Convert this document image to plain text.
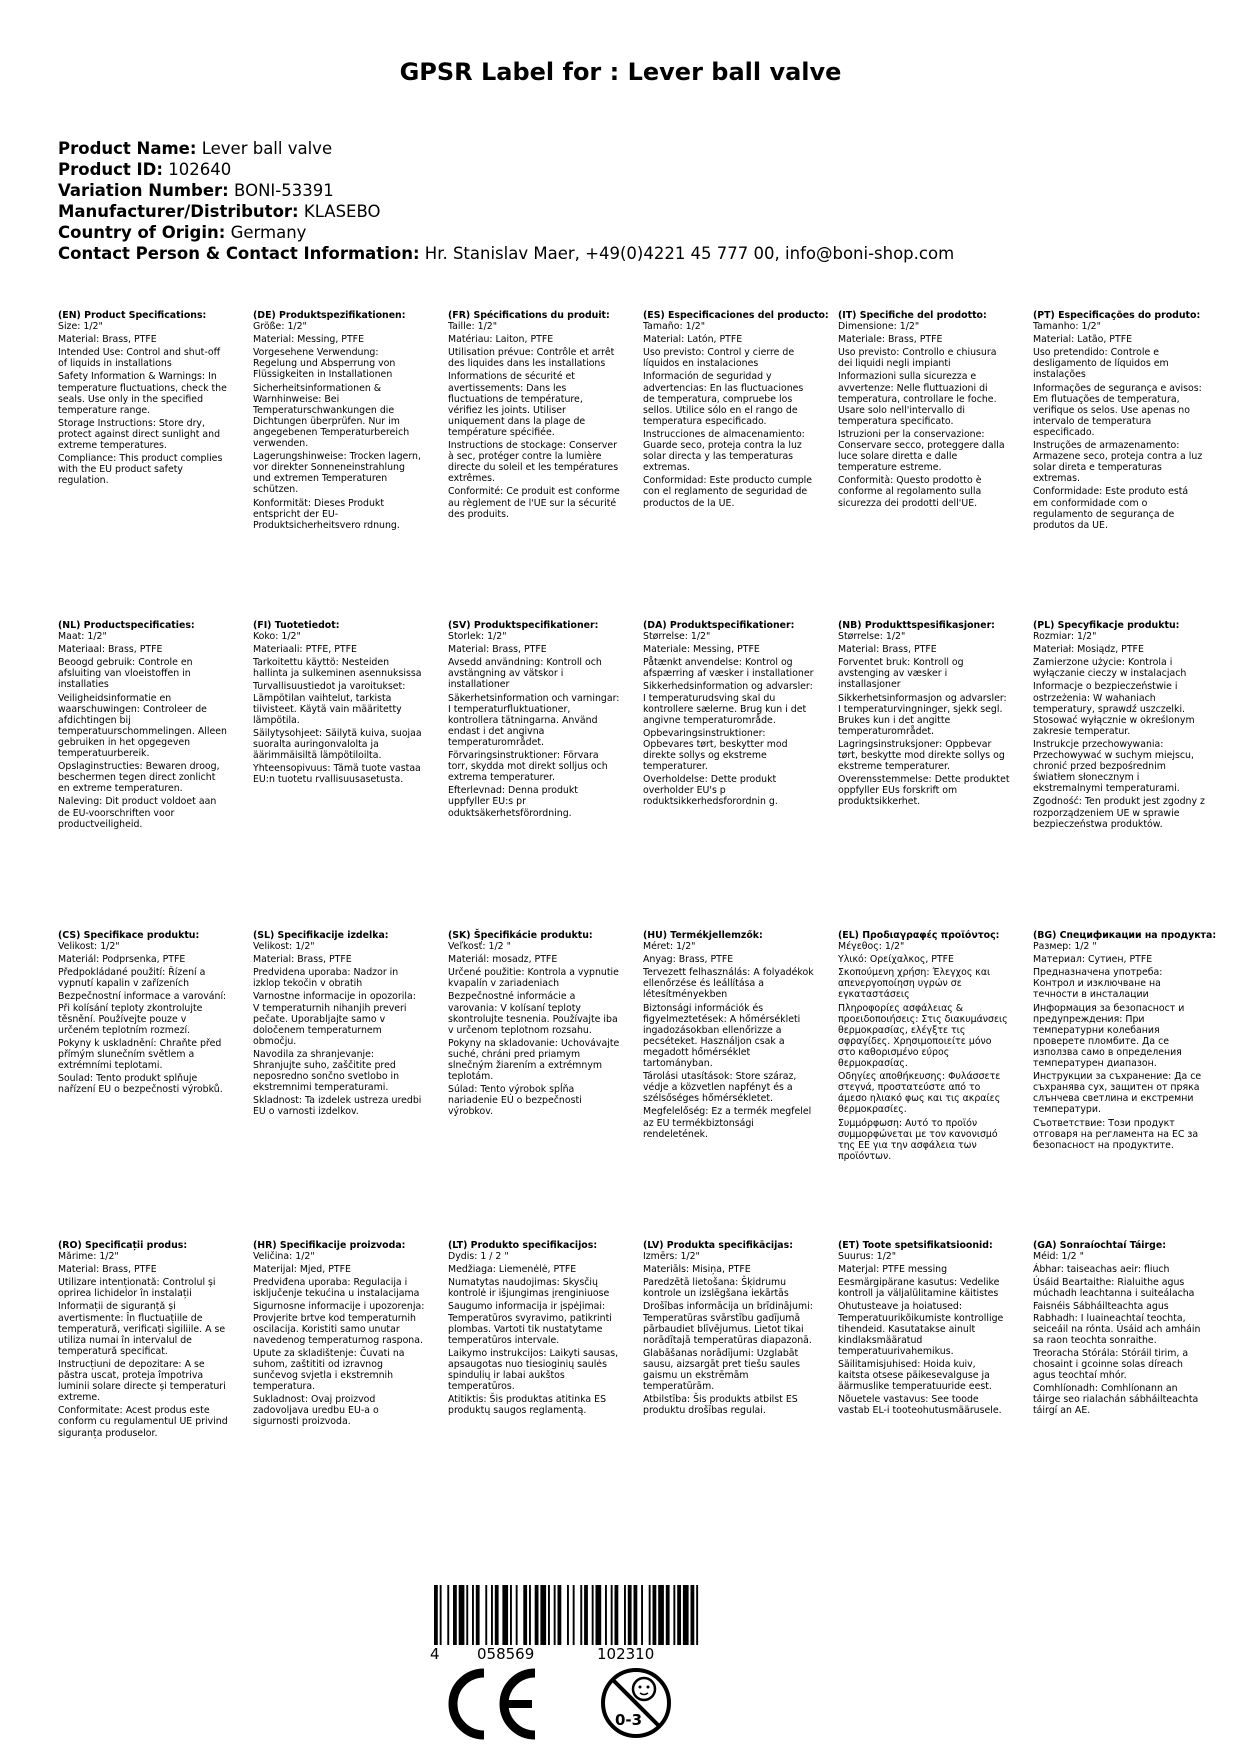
GPSR Label for : Lever ball valve
Product Name: Lever ball valve
Product ID: 102640
Variation Number: BONI-53391
Manufacturer/Distributor: KLASEBO
Country of Origin: Germany
Contact Person & Contact Information: Hr. Stanislav Maer, +49(0)4221 45 777 00, info@boni-shop.com
(EN) Product Specifications:
Size: 1/2"
Material: Brass, PTFE
Intended Use: Control and shut-off of liquids in installations
Safety Information & Warnings: In temperature fluctuations, check the seals. Use only in the specified temperature range.
Storage Instructions: Store dry, protect against direct sunlight and extreme temperatures.
Compliance: This product complies with the EU product safety regulation.
(DE) Produktspezifikationen:
Größe: 1/2"
Material: Messing, PTFE
Vorgesehene Verwendung: Regelung und Absperrung von Flüssigkeiten in Installationen
Sicherheitsinformationen & Warnhinweise: Bei Temperaturschwankungen die Dichtungen überprüfen. Nur im angegebenen Temperaturbereich verwenden.
Lagerungshinweise: Trocken lagern, vor direkter Sonneneinstrahlung und extremen Temperaturen schützen.
Konformität: Dieses Produkt entspricht der EU-Produktsicherheitsvero rdnung.
(FR) Spécifications du produit:
Taille: 1/2"
Matériau: Laiton, PTFE
Utilisation prévue: Contrôle et arrêt des liquides dans les installations
Informations de sécurité et avertissements: Dans les fluctuations de température, vérifiez les joints. Utiliser uniquement dans la plage de température spécifiée.
Instructions de stockage: Conserver à sec, protéger contre la lumière directe du soleil et les températures extrêmes.
Conformité: Ce produit est conforme au règlement de l'UE sur la sécurité des produits.
(ES) Especificaciones del producto:
Tamaño: 1/2"
Material: Latón, PTFE
Uso previsto: Control y cierre de líquidos en instalaciones
Información de seguridad y advertencias: En las fluctuaciones de temperatura, compruebe los sellos. Utilice sólo en el rango de temperatura especificado.
Instrucciones de almacenamiento: Guarde seco, proteja contra la luz solar directa y las temperaturas extremas.
Conformidad: Este producto cumple con el reglamento de seguridad de productos de la UE.
(IT) Specifiche del prodotto:
Dimensione: 1/2"
Materiale: Brass, PTFE
Uso previsto: Controllo e chiusura dei liquidi negli impianti
Informazioni sulla sicurezza e avvertenze: Nelle fluttuazioni di temperatura, controllare le foche. Usare solo nell'intervallo di temperatura specificato.
Istruzioni per la conservazione: Conservare secco, proteggere dalla luce solare diretta e dalle temperature estreme.
Conformità: Questo prodotto è conforme al regolamento sulla sicurezza dei prodotti dell'UE.
(PT) Especificações do produto:
Tamanho: 1/2"
Material: Latão, PTFE
Uso pretendido: Controle e desligamento de líquidos em instalações
Informações de segurança e avisos: Em flutuações de temperatura, verifique os selos. Use apenas no intervalo de temperatura especificado.
Instruções de armazenamento: Armazene seco, proteja contra a luz solar direta e temperaturas extremas.
Conformidade: Este produto está em conformidade com o regulamento de segurança de produtos da UE.
(NL) Productspecificaties:
Maat: 1/2"
Materiaal: Brass, PTFE
Beoogd gebruik: Controle en afsluiting van vloeistoffen in installaties
Veiligheidsinformatie en waarschuwingen: Controleer de afdichtingen bij temperatuurschommelingen. Alleen gebruiken in het opgegeven temperatuurbereik.
Opslaginstructies: Bewaren droog, beschermen tegen direct zonlicht en extreme temperaturen.
Naleving: Dit product voldoet aan de EU-voorschriften voor productveiligheid.
(FI) Tuotetiedot:
Koko: 1/2"
Materiaali: PTFE, PTFE
Tarkoitettu käyttö: Nesteiden hallinta ja sulkeminen asennuksissa
Turvallisuustiedot ja varoitukset: Lämpötilan vaihtelut, tarkista tiivisteet. Käytä vain määritetty lämpötila.
Säilytysohjeet: Säilytä kuiva, suojaa suoralta auringonvalolta ja äärimmäisiltä lämpötiloilta.
Yhteensopivuus: Tämä tuote vastaa EU:n tuotetu rvallisuusasetusta.
(SV) Produktspecifikationer:
Storlek: 1/2"
Material: Brass, PTFE
Avsedd användning: Kontroll och avstängning av vätskor i installationer
Säkerhetsinformation och varningar: I temperaturfluktuationer, kontrollera tätningarna. Använd endast i det angivna temperaturområdet.
Förvaringsinstruktioner: Förvara torr, skydda mot direkt solljus och extrema temperaturer.
Efterlevnad: Denna produkt uppfyller EU:s pr oduktsäkerhetsförordning.
(DA) Produktspecifikationer:
Størrelse: 1/2"
Materiale: Messing, PTFE
Påtænkt anvendelse: Kontrol og afspærring af væsker i installationer
Sikkerhedsinformation og advarsler: I temperaturudsving skal du kontrollere sælerne. Brug kun i det angivne temperaturområde.
Opbevaringsinstruktioner: Opbevares tørt, beskytter mod direkte sollys og ekstreme temperaturer.
Overholdelse: Dette produkt overholder EU's p roduktsikkerhedsforordnin g.
(NB) Produkttspesifikasjoner:
Størrelse: 1/2"
Material: Brass, PTFE
Forventet bruk: Kontroll og avstenging av væsker i installasjoner
Sikkerhetsinformasjon og advarsler: I temperaturvingninger, sjekk segl. Brukes kun i det angitte temperaturområdet.
Lagringsinstruksjoner: Oppbevar tørt, beskytte mod direkte sollys og ekstreme temperaturer.
Overensstemmelse: Dette produktet oppfyller EUs forskrift om produktsikkerhet.
(PL) Specyfikacje produktu:
Rozmiar: 1/2"
Materiał: Mosiądz, PTFE
Zamierzone użycie: Kontrola i wyłączanie cieczy w instalacjach
Informacje o bezpieczeństwie i ostrzeżenia: W wahaniach temperatury, sprawdź uszczelki. Stosować wyłącznie w określonym zakresie temperatur.
Instrukcje przechowywania: Przechowywać w suchym miejscu, chronić przed bezpośrednim światłem słonecznym i ekstremalnymi temperaturami.
Zgodność: Ten produkt jest zgodny z rozporządzeniem UE w sprawie bezpieczeństwa produktów.
(CS) Specifikace produktu:
Velikost: 1/2"
Materiál: Podprsenka, PTFE
Předpokládané použití: Řízení a vypnutí kapalin v zařízeních
Bezpečnostní informace a varování: Při kolísání teploty zkontrolujte těsnění. Používejte pouze v určeném teplotním rozmezí.
Pokyny k uskladnění: Chraňte před přímým slunečním světlem a extrémními teplotami.
Soulad: Tento produkt splňuje nařízení EU o bezpečnosti výrobků.
(SL) Specifikacije izdelka:
Velikost: 1/2"
Material: Brass, PTFE
Predvidena uporaba: Nadzor in izklop tekočin v obratih
Varnostne informacije in opozorila: V temperaturnih nihanjih preveri pečate. Uporabljajte samo v določenem temperaturnem območju.
Navodila za shranjevanje: Shranjujte suho, zaščitite pred neposredno sončno svetlobo in ekstremnimi temperaturami.
Skladnost: Ta izdelek ustreza uredbi EU o varnosti izdelkov.
(SK) Špecifikácie produktu:
Veľkosť: 1/2 "
Materiál: mosadz, PTFE
Určené použitie: Kontrola a vypnutie kvapalín v zariadeniach
Bezpečnostné informácie a varovania: V kolísaní teploty skontrolujte tesnenia. Používajte iba v určenom teplotnom rozsahu.
Pokyny na skladovanie: Uchovávajte suché, chráni pred priamym slnečným žiarením a extrémnym teplotám.
Súlad: Tento výrobok spĺňa nariadenie EÚ o bezpečnosti výrobkov.
(HU) Termékjellemzők:
Méret: 1/2"
Anyag: Brass, PTFE
Tervezett felhasználás: A folyadékok ellenőrzése és leállítása a létesítményekben
Biztonsági információk és figyelmeztetések: A hőmérsékleti ingadozásokban ellenőrizze a pecséteket. Használjon csak a megadott hőmérséklet tartományban.
Tárolási utasítások: Store száraz, védje a közvetlen napfényt és a szélsőséges hőmérsékletet.
Megfelelőség: Ez a termék megfelel az EU termékbiztonsági rendeletének.
(EL) Προδιαγραφές προϊόντος:
Μέγεθος: 1/2"
Υλικό: Ορείχαλκος, PTFE
Σκοπούμενη χρήση: Έλεγχος και απενεργοποίηση υγρών σε εγκαταστάσεις
Πληροφορίες ασφάλειας & προειδοποιήσεις: Στις διακυμάνσεις θερμοκρασίας, ελέγξτε τις σφραγίδες. Χρησιμοποιείτε μόνο στο καθορισμένο εύρος θερμοκρασίας.
Οδηγίες αποθήκευσης: Φυλάσσετε στεγνά, προστατεύστε από το άμεσο ηλιακό φως και τις ακραίες θερμοκρασίες.
Συμμόρφωση: Αυτό το προϊόν συμμορφώνεται με τον κανονισμό της ΕΕ για την ασφάλεια των προϊόντων.
(BG) Спецификации на продукта:
Размер: 1/2 "
Материал: Сутиен, PTFE
Предназначена употреба: Контрол и изключване на течности в инсталации
Информация за безопасност и предупреждения: При температурни колебания проверете пломбите. Да се използва само в определения температурен диапазон.
Инструкции за съхранение: Да се съхранява сух, защитен от пряка слънчева светлина и екстремни температури.
Съответствие: Този продукт отговаря на регламента на ЕС за безопасност на продуктите.
(RO) Specificații produs:
Mărime: 1/2"
Material: Brass, PTFE
Utilizare intenționată: Controlul și oprirea lichidelor în instalații
Informații de siguranță și avertismente: În fluctuațiile de temperatură, verificați sigiliile. A se utiliza numai în intervalul de temperatură specificat.
Instrucțiuni de depozitare: A se păstra uscat, proteja împotriva luminii solare directe și temperaturi extreme.
Conformitate: Acest produs este conform cu regulamentul UE privind siguranța produselor.
(HR) Specifikacije proizvoda:
Veličina: 1/2"
Materijal: Mjed, PTFE
Predviđena uporaba: Regulacija i isključenje tekućina u instalacijama
Sigurnosne informacije i upozorenja: Provjerite brtve kod temperaturnih oscilacija. Koristiti samo unutar navedenog temperaturnog raspona.
Upute za skladištenje: Čuvati na suhom, zaštititi od izravnog sunčevog svjetla i ekstremnih temperatura.
Sukladnost: Ovaj proizvod zadovoljava uredbu EU-a o sigurnosti proizvoda.
(LT) Produkto specifikacijos:
Dydis: 1 / 2 "
Medžiaga: Liemenėlė, PTFE
Numatytas naudojimas: Skysčių kontrolė ir išjungimas įrenginiuose
Saugumo informacija ir įspėjimai: Temperatūros svyravimo, patikrinti plombas. Vartoti tik nustatytame temperatūros intervale.
Laikymo instrukcijos: Laikyti sausas, apsaugotas nuo tiesioginių saulės spindulių ir labai aukštos temperatūros.
Atitiktis: Šis produktas atitinka ES produktų saugos reglamentą.
(LV) Produkta specifikācijas:
Izmērs: 1/2"
Materiāls: Misiņa, PTFE
Paredzētā lietošana: Šķidrumu kontrole un izslēgšana iekārtās
Drošības informācija un brīdinājumi: Temperatūras svārstību gadījumā pārbaudiet blīvējumus. Lietot tikai norādītajā temperatūras diapazonā.
Glabāšanas norādījumi: Uzglabāt sausu, aizsargāt pret tiešu saules gaismu un ekstrēmām temperatūrām.
Atbilstība: Šis produkts atbilst ES produktu drošības regulai.
(ET) Toote spetsifikatsioonid:
Suurus: 1/2"
Materjal: PTFE messing
Eesmärgipärane kasutus: Vedelike kontroll ja väljalülitamine käitistes
Ohutusteave ja hoiatused: Temperatuurikõikumiste kontrollige tihendeid. Kasutatakse ainult kindlaksmääratud temperatuurivahemikus.
Säilitamisjuhised: Hoida kuiv, kaitsta otsese päikesevalguse ja äärmuslike temperatuuride eest.
Nõuetele vastavus: See toode vastab EL-i tooteohutusmäärusele.
(GA) Sonraíochtaí Táirge:
Méid: 1/2 "
Ábhar: taiseachas aeir: fliuch
Úsáid Beartaithe: Rialuithe agus múchadh leachtanna i suiteálacha
Faisnéis Sábháilteachta agus Rabhadh: I luaineachtaí teochta, seiceáil na rónta. Úsáid ach amháin sa raon teochta sonraithe.
Treoracha Stórála: Stóráil tirim, a chosaint i gcoinne solas díreach agus teochtaí mhór.
Comhlíonadh: Comhlíonann an táirge seo rialachán sábháilteachta táirgí an AE.
4 058569	102310
0-3
